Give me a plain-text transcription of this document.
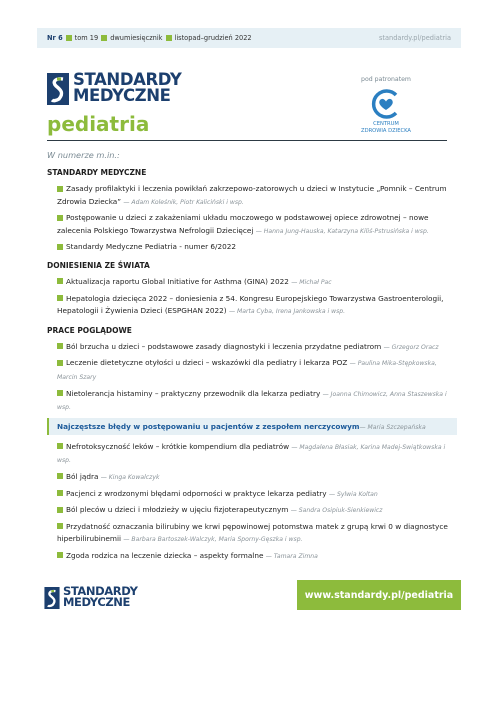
Nr 6 tom 19 dwumiesięcznik listopad–grudzień 2022	standardy.pl/pediatria
STANDARDY
MEDYCZNE
pediatria
pod patronatem
CENTRUM
ZDROWIA DZIECKA
W numerze m.in.:
STANDARDY MEDYCZNE
Zasady profilaktyki i leczenia powikłań zakrzepowo-zatorowych u dzieci w Instytucie „Pomnik – Centrum Zdrowia Dziecka” — Adam Koleśnik, Piotr Kaliciński i wsp.
Postępowanie u dzieci z zakażeniami układu moczowego w podstawowej opiece zdrowotnej – nowe zalecenia Polskiego Towarzystwa Nefrologii Dziecięcej — Hanna Jung-Hauska, Katarzyna Kiliś-Pstrusińska i wsp.
Standardy Medyczne Pediatria - numer 6/2022
DONIESIENIA ZE ŚWIATA
Aktualizacja raportu Global Initiative for Asthma (GINA) 2022 — Michał Pac
Hepatologia dziecięca 2022 – doniesienia z 54. Kongresu Europejskiego Towarzystwa Gastroenterologii, Hepatologii i Żywienia Dzieci (ESPGHAN 2022) — Marta Cyba, Irena Jankowska i wsp.
PRACE POGLĄDOWE
Ból brzucha u dzieci – podstawowe zasady diagnostyki i leczenia przydatne pediatrom — Grzegorz Oracz
Leczenie dietetyczne otyłości u dzieci – wskazówki dla pediatry i lekarza POZ — Paulina Mika-Stępkowska, Marcin Szary
Nietolerancja histaminy – praktyczny przewodnik dla lekarza pediatry — Joanna Chimowicz, Anna Staszewska i wsp.
Najczęstsze błędy w postępowaniu u pacjentów z zespołem nerczycowym— Maria Szczepańska
Nefrotoksyczność leków – krótkie kompendium dla pediatrów — Magdalena Błasiak, Karina Madej-Swiątkowska i wsp.
Ból jądra — Kinga Kowalczyk
Pacjenci z wrodzonymi błędami odporności w praktyce lekarza pediatry — Sylwia Koltan
Ból pleców u dzieci i młodzieży w ujęciu fizjoterapeutycznym — Sandra Osipiuk-Sienkiewicz
Przydatność oznaczania bilirubiny we krwi pępowinowej potomstwa matek z grupą krwi 0 w diagnostyce hiperbilirubinemii — Barbara Bartoszek-Walczyk, Maria Sporny-Gęszka i wsp.
Zgoda rodzica na leczenie dziecka – aspekty formalne — Tamara Zimna
STANDARDY
MEDYCZNE	www.standardy.pl/pediatria
